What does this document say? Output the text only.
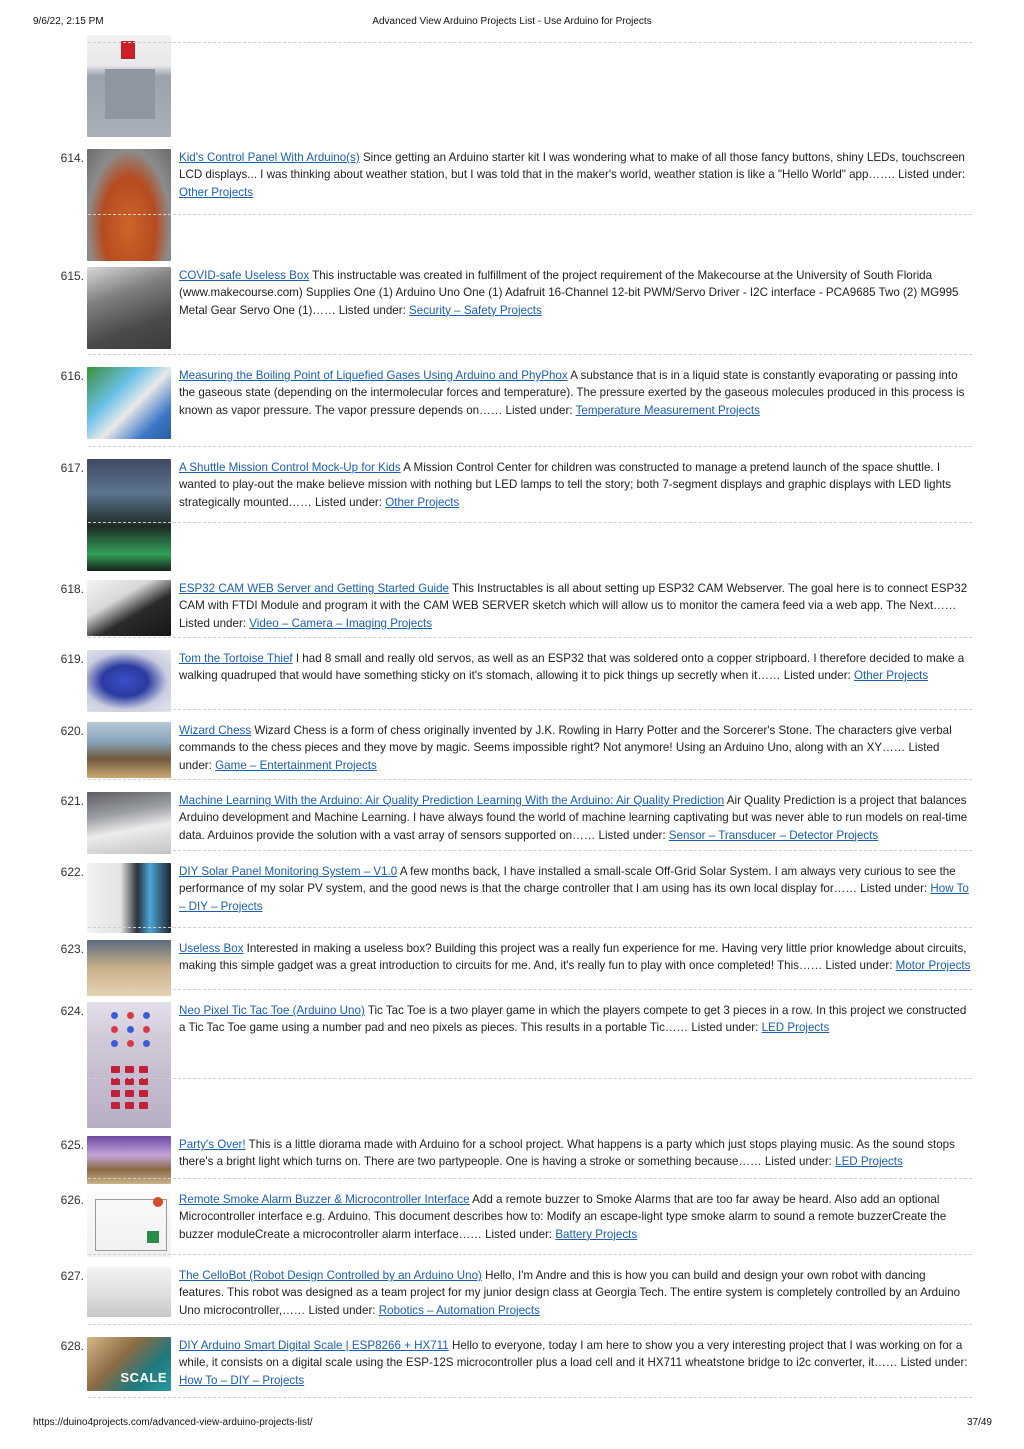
9/6/22, 2:15 PM	Advanced View Arduino Projects List - Use Arduino for Projects
614.	Kid's Control Panel With Arduino(s) Since getting an Arduino starter kit I was wondering what to make of all those fancy buttons, shiny LEDs, touchscreen LCD displays... I was thinking about weather station, but I was told that in the maker's world, weather station is like a "Hello World" app……. Listed under: Other Projects
615.	COVID-safe Useless Box This instructable was created in fulfillment of the project requirement of the Makecourse at the University of South Florida (www.makecourse.com) Supplies One (1) Arduino Uno One (1) Adafruit 16-Channel 12-bit PWM/Servo Driver - I2C interface - PCA9685 Two (2) MG995 Metal Gear Servo One (1)…… Listed under: Security – Safety Projects
616.	Measuring the Boiling Point of Liquefied Gases Using Arduino and PhyPhox A substance that is in a liquid state is constantly evaporating or passing into the gaseous state (depending on the intermolecular forces and temperature). The pressure exerted by the gaseous molecules produced in this process is known as vapor pressure. The vapor pressure depends on…… Listed under: Temperature Measurement Projects
617.	A Shuttle Mission Control Mock-Up for Kids A Mission Control Center for children was constructed to manage a pretend launch of the space shuttle. I wanted to play-out the make believe mission with nothing but LED lamps to tell the story; both 7-segment displays and graphic displays with LED lights strategically mounted…… Listed under: Other Projects
618.	ESP32 CAM WEB Server and Getting Started Guide This Instructables is all about setting up ESP32 CAM Webserver. The goal here is to connect ESP32 CAM with FTDI Module and program it with the CAM WEB SERVER sketch which will allow us to monitor the camera feed via a web app. The Next…… Listed under: Video – Camera – Imaging Projects
619.	Tom the Tortoise Thief I had 8 small and really old servos, as well as an ESP32 that was soldered onto a copper stripboard. I therefore decided to make a walking quadruped that would have something sticky on it's stomach, allowing it to pick things up secretly when it…… Listed under: Other Projects
620.	Wizard Chess Wizard Chess is a form of chess originally invented by J.K. Rowling in Harry Potter and the Sorcerer's Stone. The characters give verbal commands to the chess pieces and they move by magic. Seems impossible right? Not anymore! Using an Arduino Uno, along with an XY…… Listed under: Game – Entertainment Projects
621.	Machine Learning With the Arduino: Air Quality Prediction Learning With the Arduino: Air Quality Prediction Air Quality Prediction is a project that balances Arduino development and Machine Learning. I have always found the world of machine learning captivating but was never able to run models on real-time data. Arduinos provide the solution with a vast array of sensors supported on…… Listed under: Sensor – Transducer – Detector Projects
622.	DIY Solar Panel Monitoring System – V1.0 A few months back, I have installed a small-scale Off-Grid Solar System. I am always very curious to see the performance of my solar PV system, and the good news is that the charge controller that I am using has its own local display for…… Listed under: How To – DIY – Projects
623.	Useless Box Interested in making a useless box? Building this project was a really fun experience for me. Having very little prior knowledge about circuits, making this simple gadget was a great introduction to circuits for me. And, it's really fun to play with once completed! This…… Listed under: Motor Projects
624.	Neo Pixel Tic Tac Toe (Arduino Uno) Tic Tac Toe is a two player game in which the players compete to get 3 pieces in a row. In this project we constructed a Tic Tac Toe game using a number pad and neo pixels as pieces. This results in a portable Tic…… Listed under: LED Projects
625.	Party's Over! This is a little diorama made with Arduino for a school project. What happens is a party which just stops playing music. As the sound stops there's a bright light which turns on. There are two partypeople. One is having a stroke or something because…… Listed under: LED Projects
626.	Remote Smoke Alarm Buzzer & Microcontroller Interface Add a remote buzzer to Smoke Alarms that are too far away be heard. Also add an optional Microcontroller interface e.g. Arduino. This document describes how to: Modify an escape-light type smoke alarm to sound a remote buzzerCreate the buzzer moduleCreate a microcontroller alarm interface…… Listed under: Battery Projects
627.	The CelloBot (Robot Design Controlled by an Arduino Uno) Hello, I'm Andre and this is how you can build and design your own robot with dancing features. This robot was designed as a team project for my junior design class at Georgia Tech. The entire system is completely controlled by an Arduino Uno microcontroller,…… Listed under: Robotics – Automation Projects
628.
SCALE
DIY Arduino Smart Digital Scale | ESP8266 + HX711 Hello to everyone, today I am here to show you a very interesting project that I was working on for a while, it consists on a digital scale using the ESP-12S microcontroller plus a load cell and it HX711 wheatstone bridge to i2c converter, it…… Listed under: How To – DIY – Projects
https://duino4projects.com/advanced-view-arduino-projects-list/	37/49
